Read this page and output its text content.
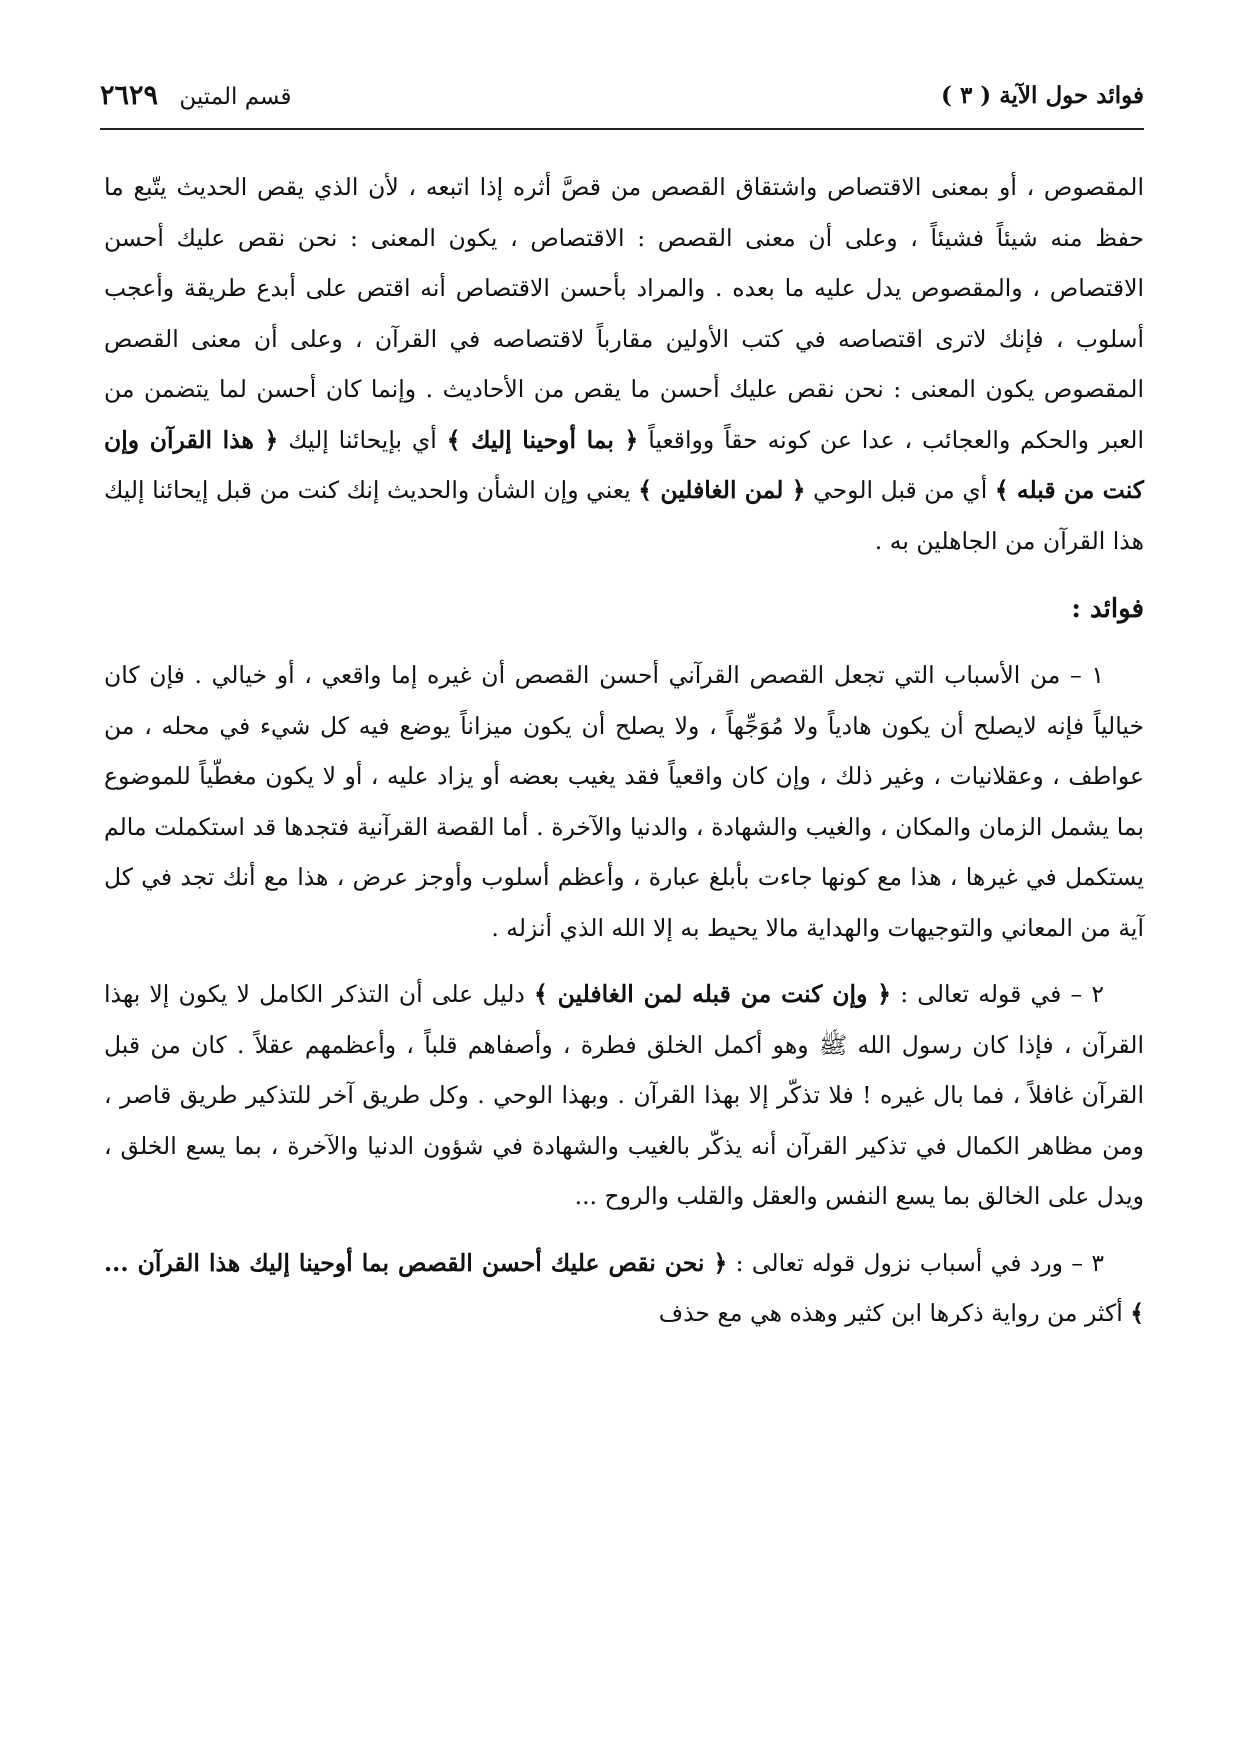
فوائد حول الآية ( ٣ )
قسم المتين ٢٦٢٩

المقصوص ، أو بمعنى الاقتصاص واشتقاق القصص من قصَّ أثره إذا اتبعه ، لأن الذي يقص الحديث يتّبع ما حفظ منه شيئاً فشيئاً ، وعلى أن معنى القصص : الاقتصاص ، يكون المعنى : نحن نقص عليك أحسن الاقتصاص ، والمقصوص يدل عليه ما بعده . والمراد بأحسن الاقتصاص أنه اقتص على أبدع طريقة وأعجب أسلوب ، فإنك لاترى اقتصاصه في كتب الأولين مقارباً لاقتصاصه في القرآن ، وعلى أن معنى القصص المقصوص يكون المعنى : نحن نقص عليك أحسن ما يقص من الأحاديث . وإنما كان أحسن لما يتضمن من العبر والحكم والعجائب ، عدا عن كونه حقاً وواقعياً ﴿ بما أوحينا إليك ﴾ أي بإيحائنا إليك ﴿ هذا القرآن وإن كنت من قبله ﴾ أي من قبل الوحي ﴿ لمن الغافلين ﴾ يعني وإن الشأن والحديث إنك كنت من قبل إيحائنا إليك هذا القرآن من الجاهلين به .

فوائد :

١ – من الأسباب التي تجعل القصص القرآني أحسن القصص أن غيره إما واقعي ، أو خيالي . فإن كان خيالياً فإنه لايصلح أن يكون هادياً ولا مُوَجِّهاً ، ولا يصلح أن يكون ميزاناً يوضع فيه كل شيء في محله ، من عواطف ، وعقلانيات ، وغير ذلك ، وإن كان واقعياً فقد يغيب بعضه أو يزاد عليه ، أو لا يكون مغطّياً للموضوع بما يشمل الزمان والمكان ، والغيب والشهادة ، والدنيا والآخرة . أما القصة القرآنية فتجدها قد استكملت مالم يستكمل في غيرها ، هذا مع كونها جاءت بأبلغ عبارة ، وأعظم أسلوب وأوجز عرض ، هذا مع أنك تجد في كل آية من المعاني والتوجيهات والهداية مالا يحيط به إلا الله الذي أنزله .

٢ – في قوله تعالى : ﴿ وإن كنت من قبله لمن الغافلين ﴾ دليل على أن التذكر الكامل لا يكون إلا بهذا القرآن ، فإذا كان رسول الله ﷺ وهو أكمل الخلق فطرة ، وأصفاهم قلباً ، وأعظمهم عقلاً . كان من قبل القرآن غافلاً ، فما بال غيره ! فلا تذكّر إلا بهذا القرآن . وبهذا الوحي . وكل طريق آخر للتذكير طريق قاصر ، ومن مظاهر الكمال في تذكير القرآن أنه يذكّر بالغيب والشهادة في شؤون الدنيا والآخرة ، بما يسع الخلق ، ويدل على الخالق بما يسع النفس والعقل والقلب والروح ...

٣ – ورد في أسباب نزول قوله تعالى : ﴿ نحن نقص عليك أحسن القصص بما أوحينا إليك هذا القرآن ... ﴾ أكثر من رواية ذكرها ابن كثير وهذه هي مع حذف
